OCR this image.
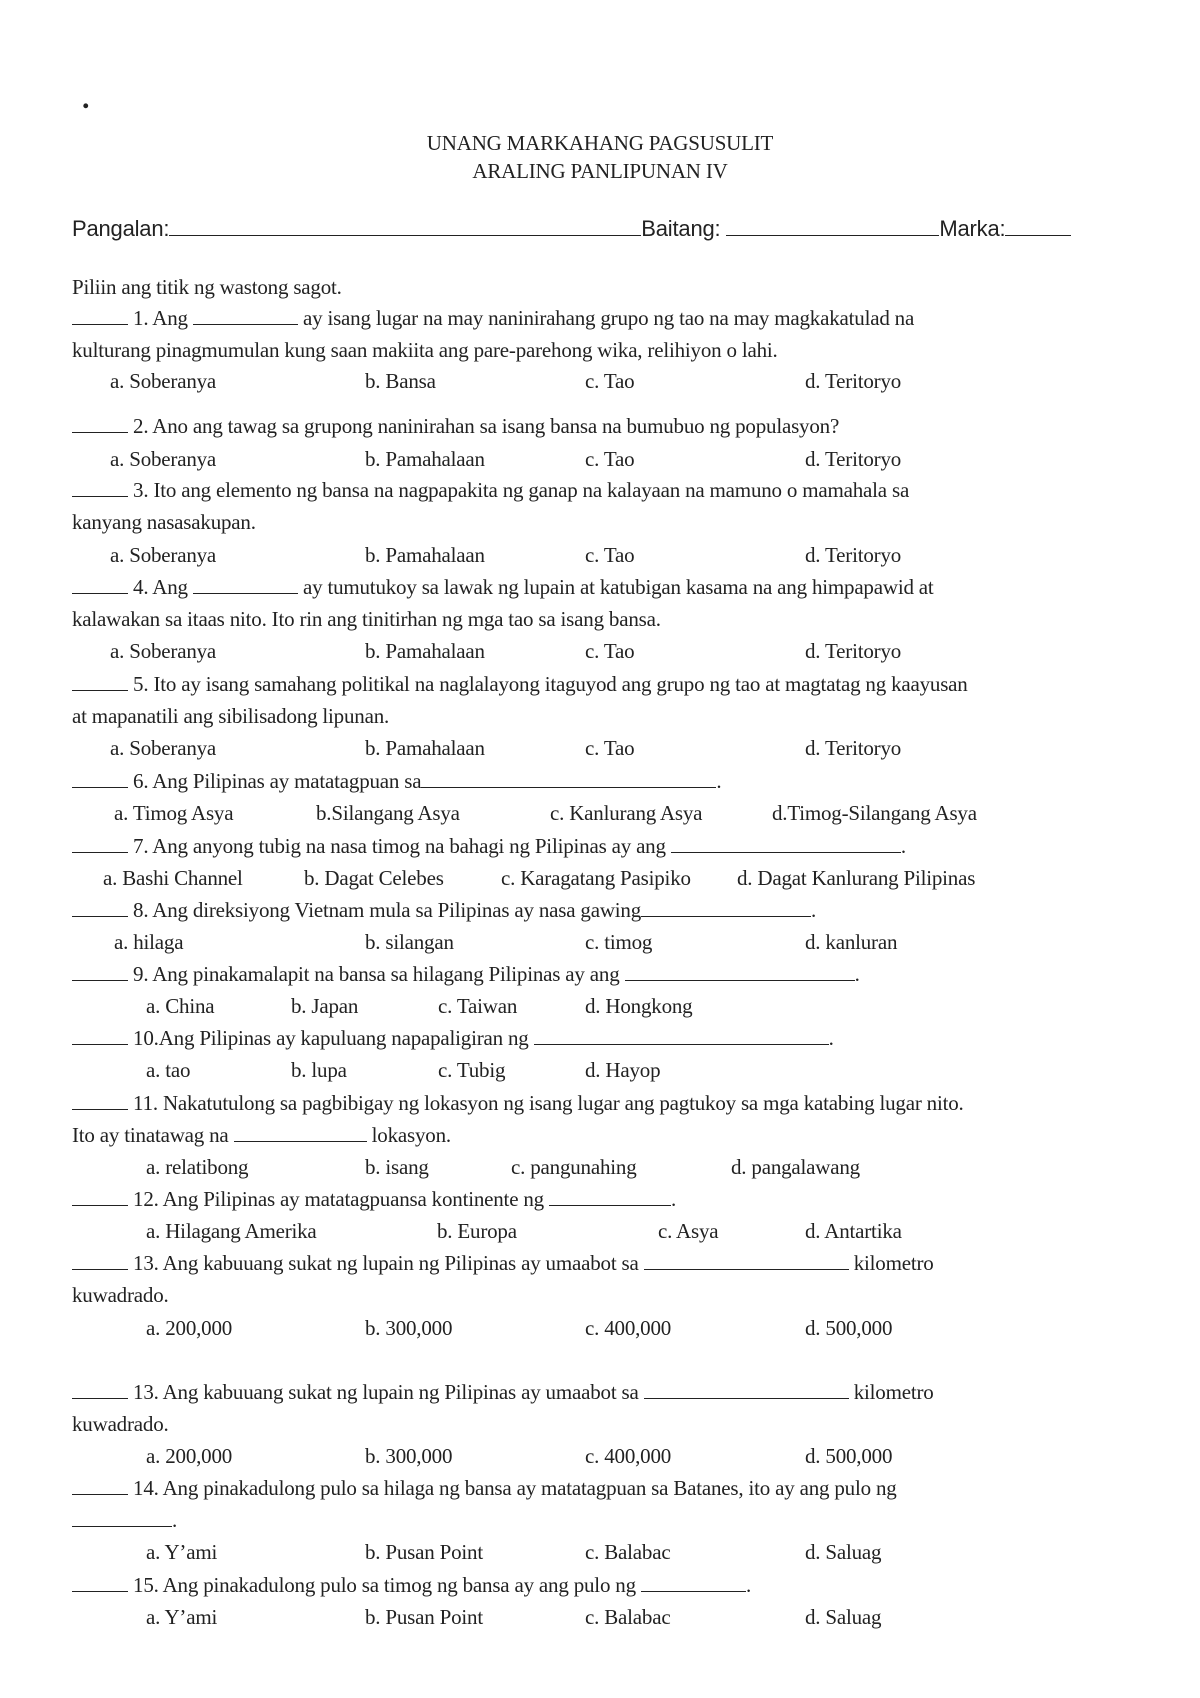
.
UNANG MARKAHANG PAGSUSULIT
ARALING PANLIPUNAN IV
Pangalan:	Baitang:	Marka:
Piliin ang titik ng wastong sagot.
1. Ang	ay isang lugar na may naninirahang grupo ng tao na may magkakatulad na
kulturang pinagmumulan kung saan makiita ang pare-parehong wika, relihiyon o lahi.
a. Soberanya	b. Bansa	c. Tao	d. Teritoryo
2. Ano ang tawag sa grupong naninirahan sa isang bansa na bumubuo ng populasyon?
a. Soberanya	b. Pamahalaan	c. Tao	d. Teritoryo
3. Ito ang elemento ng bansa na nagpapakita ng ganap na kalayaan na mamuno o mamahala sa
kanyang nasasakupan.
a. Soberanya	b. Pamahalaan	c. Tao	d. Teritoryo
4. Ang	ay tumutukoy sa lawak ng lupain at katubigan kasama na ang himpapawid at
kalawakan sa itaas nito. Ito rin ang tinitirhan ng mga tao sa isang bansa.
a. Soberanya	b. Pamahalaan	c. Tao	d. Teritoryo
5. Ito ay isang samahang politikal na naglalayong itaguyod ang grupo ng tao at magtatag ng kaayusan
at mapanatili ang sibilisadong lipunan.
a. Soberanya	b. Pamahalaan	c. Tao	d. Teritoryo
6. Ang Pilipinas ay matatagpuan sa	.
a. Timog Asya	b.Silangang Asya	c. Kanlurang Asya	d.Timog-Silangang Asya
7. Ang anyong tubig na nasa timog na bahagi ng Pilipinas ay ang	.
a. Bashi Channel	b. Dagat Celebes	c. Karagatang Pasipiko d. Dagat Kanlurang Pilipinas
8. Ang direksiyong Vietnam mula sa Pilipinas ay nasa gawing	.
a. hilaga	b. silangan	c. timog	d. kanluran
9. Ang pinakamalapit na bansa sa hilagang Pilipinas ay ang	.
a. China	b. Japan	c. Taiwan	d. Hongkong
10.Ang Pilipinas ay kapuluang napapaligiran ng	.
a. tao	b. lupa	c. Tubig	d. Hayop
11. Nakatutulong sa pagbibigay ng lokasyon ng isang lugar ang pagtukoy sa mga katabing lugar nito.
Ito ay tinatawag na	lokasyon.
a. relatibong	b. isang	c. pangunahing	d. pangalawang
12. Ang Pilipinas ay matatagpuansa kontinente ng	.
a. Hilagang Amerika	b. Europa	c. Asya	d. Antartika
13. Ang kabuuang sukat ng lupain ng Pilipinas ay umaabot sa	kilometro
kuwadrado.
a. 200,000	b. 300,000	c. 400,000	d. 500,000
13. Ang kabuuang sukat ng lupain ng Pilipinas ay umaabot sa	kilometro
kuwadrado.
a. 200,000	b. 300,000	c. 400,000	d. 500,000
14. Ang pinakadulong pulo sa hilaga ng bansa ay matatagpuan sa Batanes, ito ay ang pulo ng
.
a. Y’ami	b. Pusan Point	c. Balabac	d. Saluag
15. Ang pinakadulong pulo sa timog ng bansa ay ang pulo ng	.
a. Y’ami	b. Pusan Point	c. Balabac	d. Saluag
